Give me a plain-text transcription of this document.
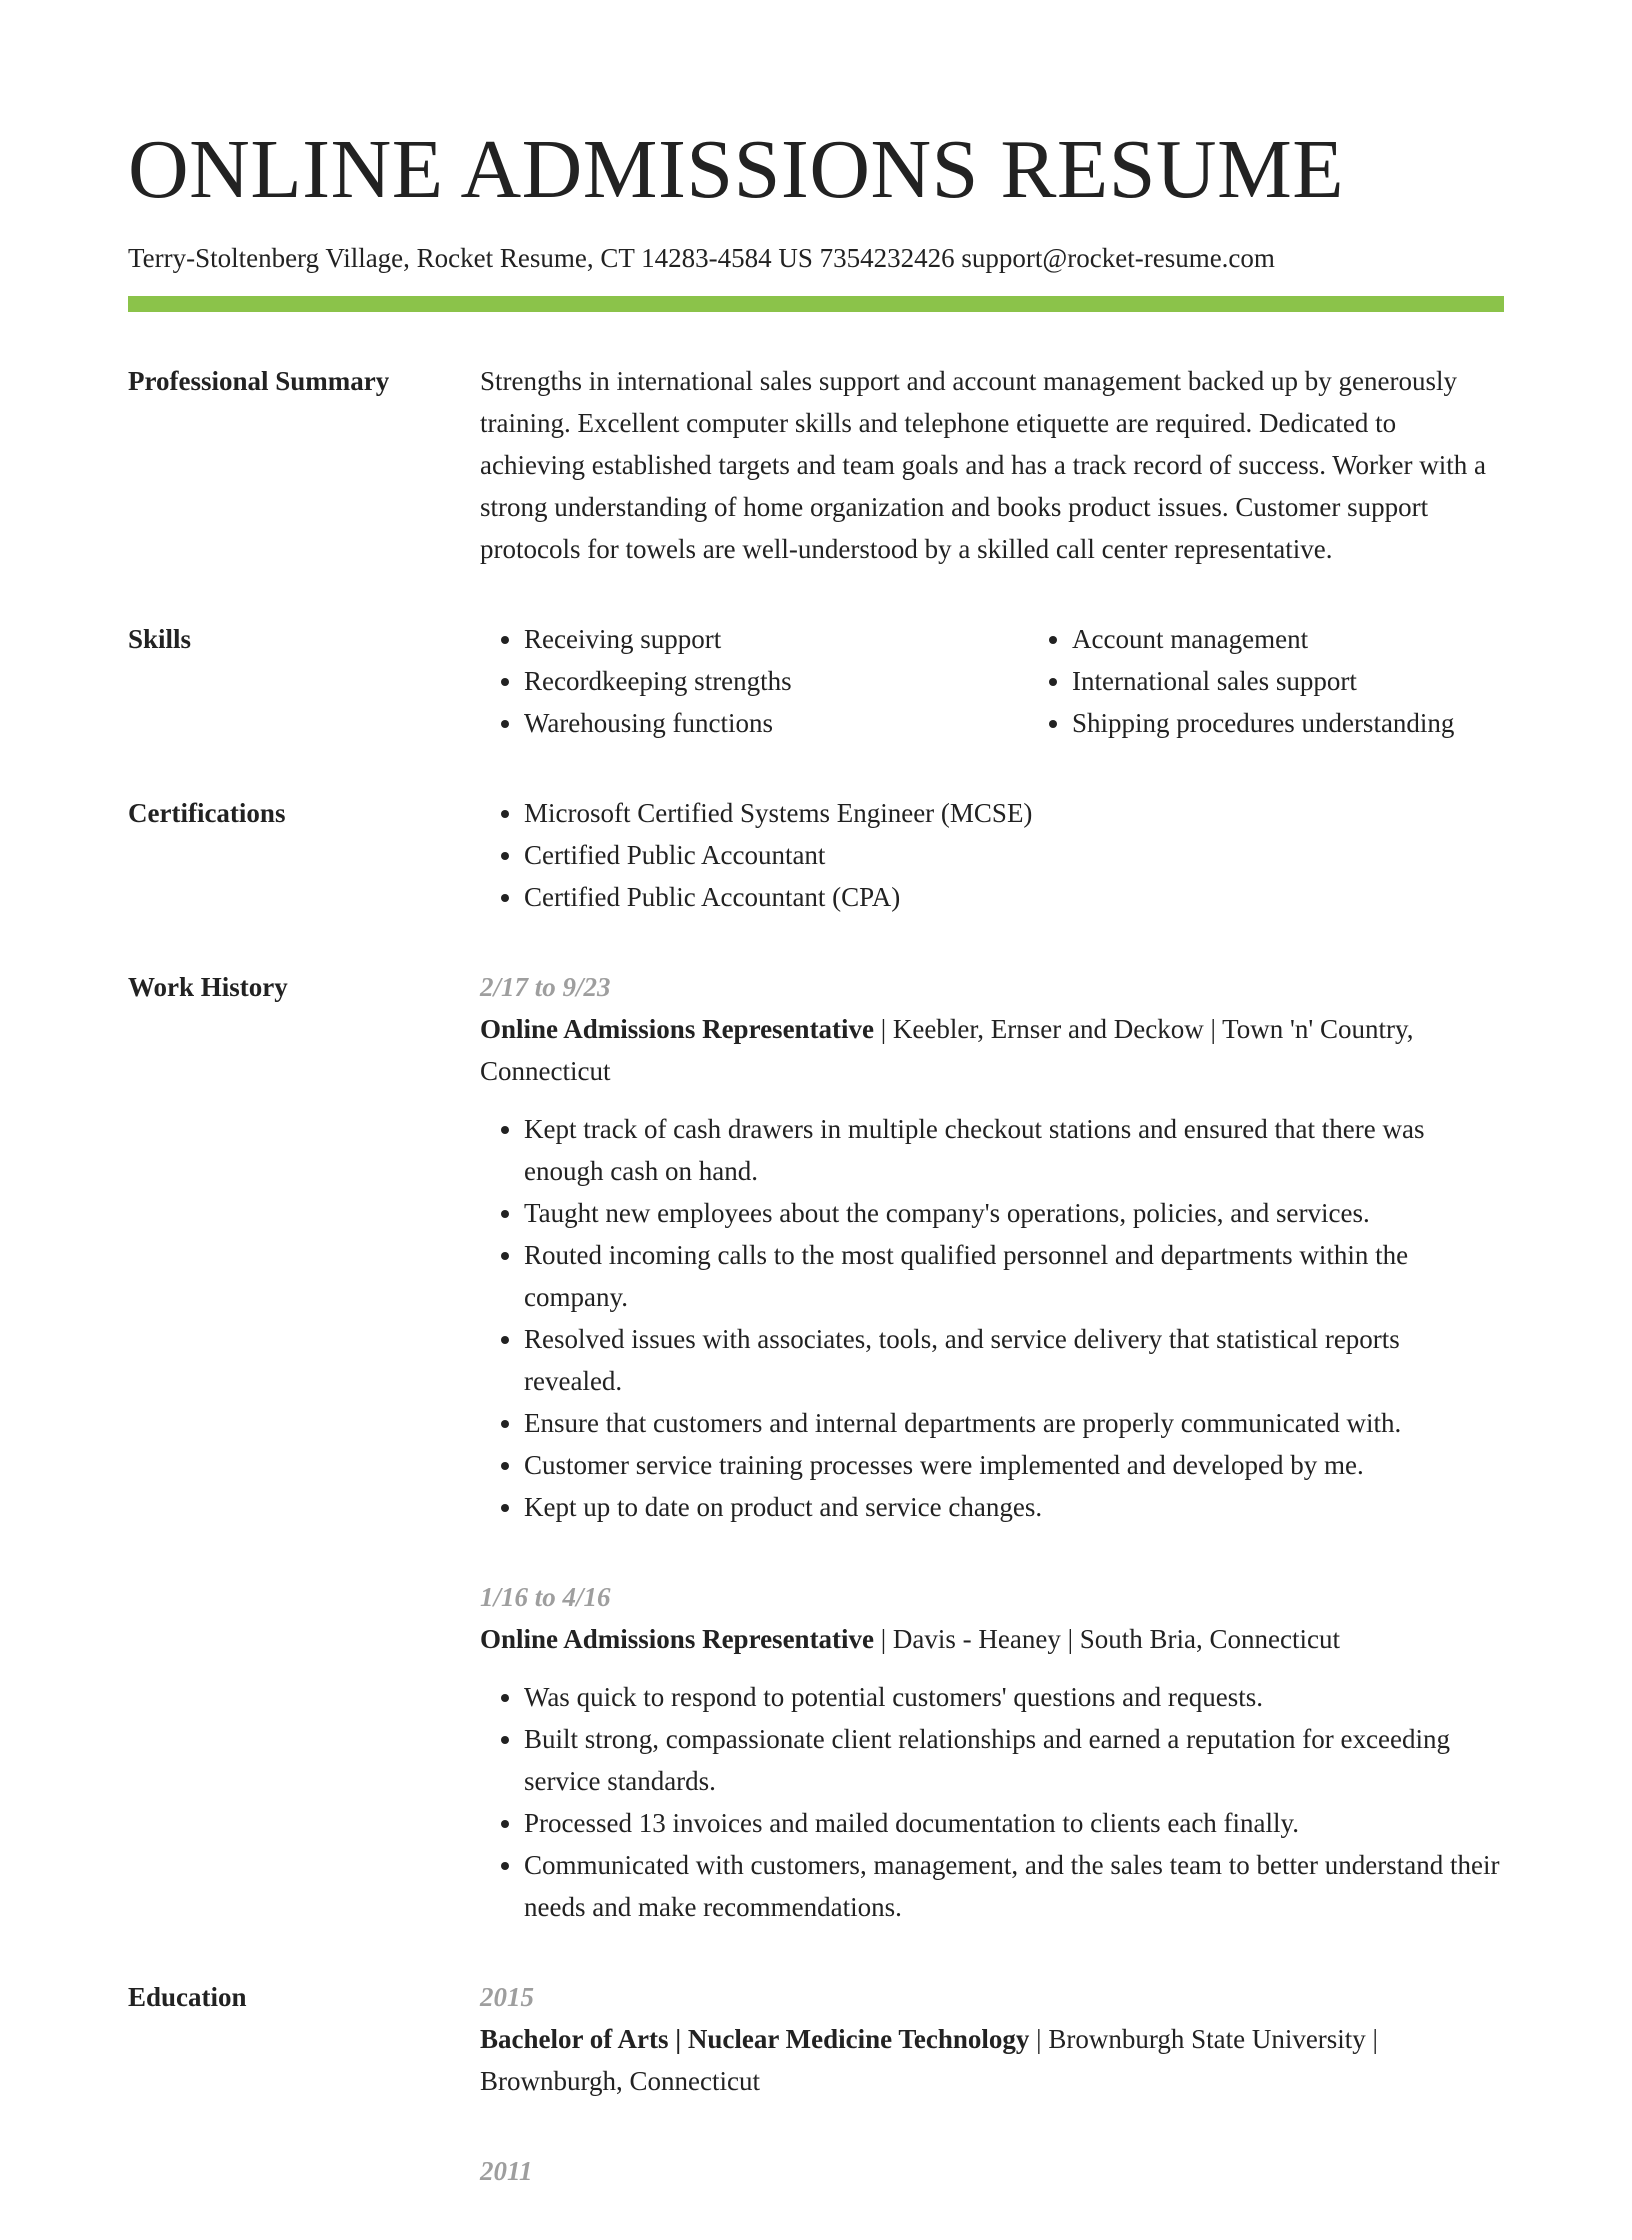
ONLINE ADMISSIONS RESUME
Terry-Stoltenberg Village, Rocket Resume, CT 14283-4584 US 7354232426 support@rocket-resume.com
Professional Summary	Strengths in international sales support and account management backed up by generously training. Excellent computer skills and telephone etiquette are required. Dedicated to achieving established targets and team goals and has a track record of success. Worker with a strong understanding of home organization and books product issues. Customer support protocols for towels are well-understood by a skilled call center representative.

Skills	• Receiving support
• Recordkeeping strengths
• Warehousing functions
• Account management
• International sales support
• Shipping procedures understanding
Certifications	• Microsoft Certified Systems Engineer (MCSE)
• Certified Public Accountant
• Certified Public Accountant (CPA)
Work History	2/17 to 9/23
Online Admissions Representative | Keebler, Ernser and Deckow | Town 'n' Country, Connecticut
• Kept track of cash drawers in multiple checkout stations and ensured that there was enough cash on hand.
• Taught new employees about the company's operations, policies, and services.
• Routed incoming calls to the most qualified personnel and departments within the company.
• Resolved issues with associates, tools, and service delivery that statistical reports revealed.
• Ensure that customers and internal departments are properly communicated with.
• Customer service training processes were implemented and developed by me.
• Kept up to date on product and service changes.
1/16 to 4/16
Online Admissions Representative | Davis - Heaney | South Bria, Connecticut
• Was quick to respond to potential customers' questions and requests.
• Built strong, compassionate client relationships and earned a reputation for exceeding service standards.
• Processed 13 invoices and mailed documentation to clients each finally.
• Communicated with customers, management, and the sales team to better understand their needs and make recommendations.
Education	2015
Bachelor of Arts | Nuclear Medicine Technology | Brownburgh State University | Brownburgh, Connecticut
2011
